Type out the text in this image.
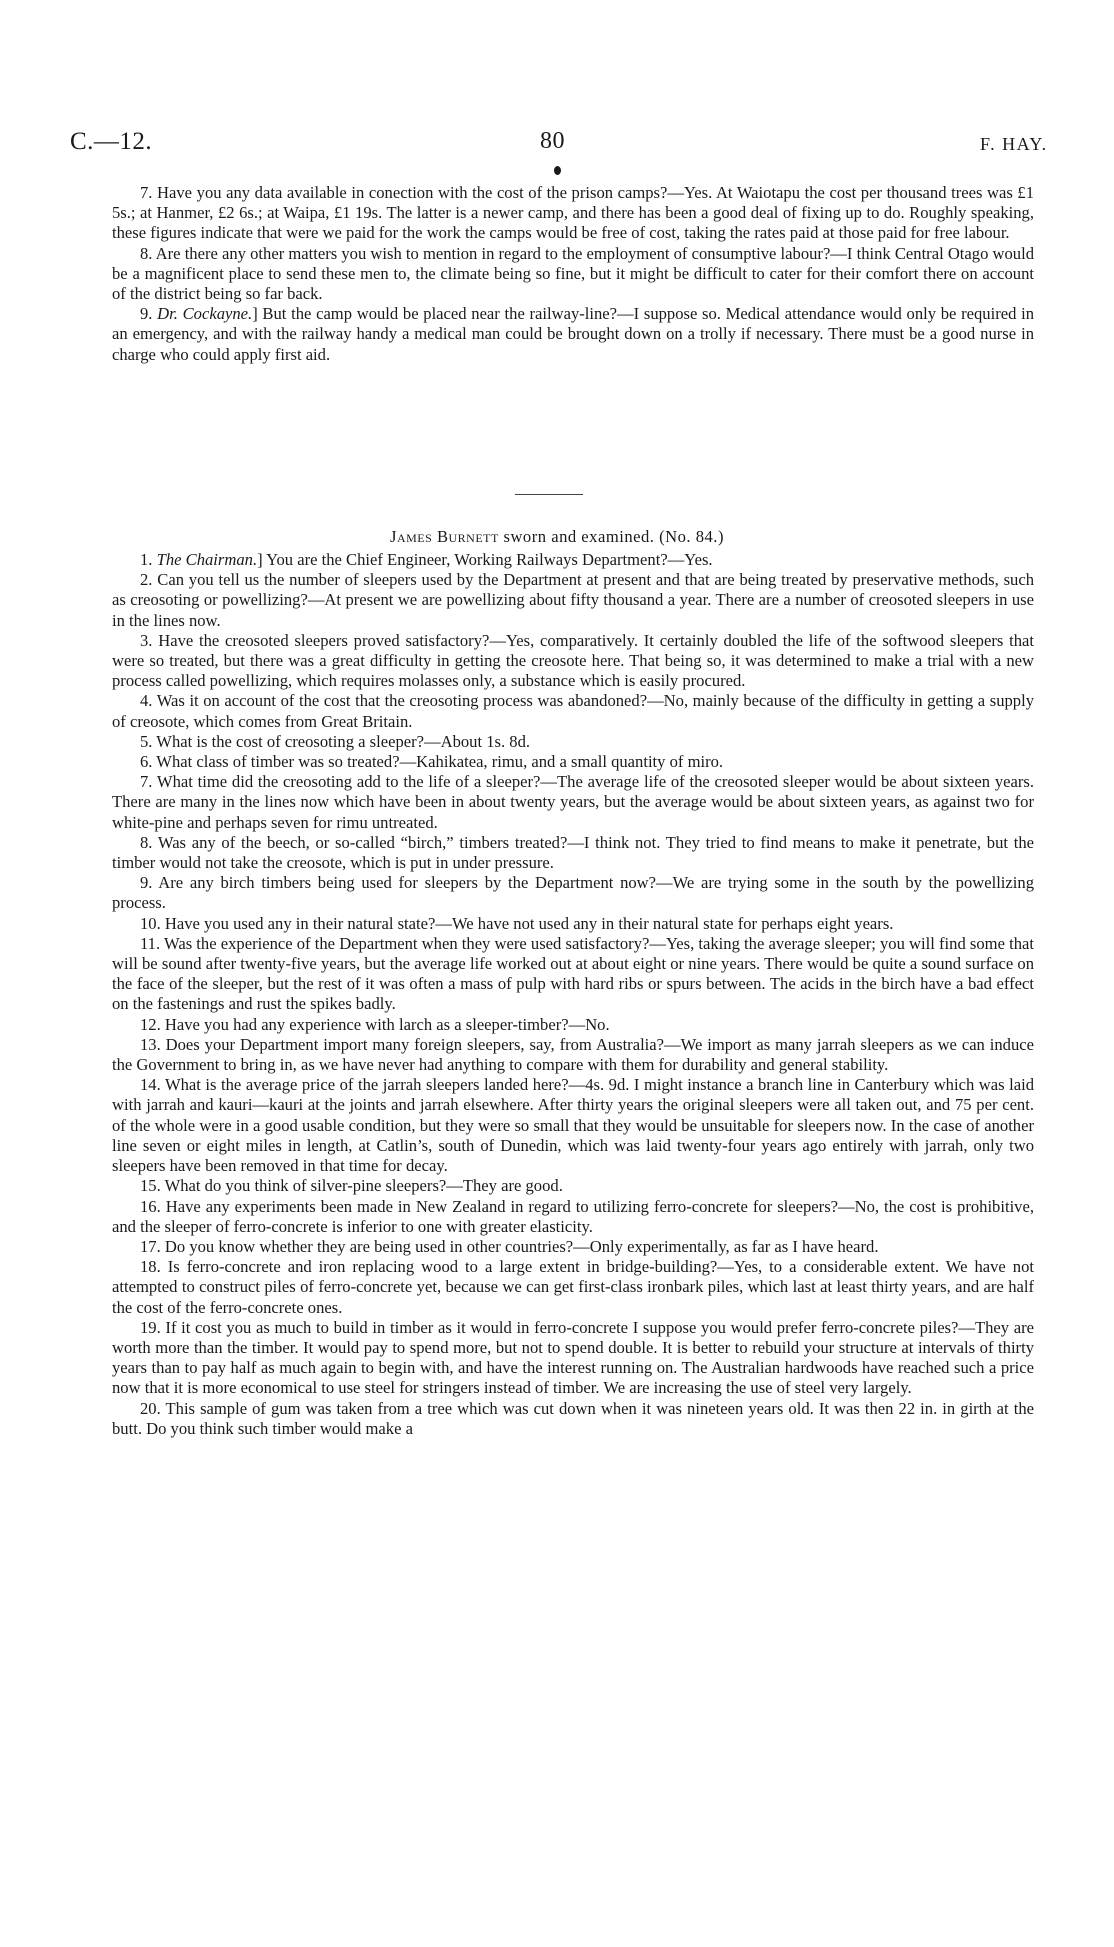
C.—12.	80	F. HAY.

7. Have you any data available in conection with the cost of the prison camps?—Yes. At Waiotapu the cost per thousand trees was £1 5s.; at Hanmer, £2 6s.; at Waipa, £1 19s. The latter is a newer camp, and there has been a good deal of fixing up to do. Roughly speaking, these figures indicate that were we paid for the work the camps would be free of cost, taking the rates paid at those paid for free labour.

8. Are there any other matters you wish to mention in regard to the employment of consumptive labour?—I think Central Otago would be a magnificent place to send these men to, the climate being so fine, but it might be difficult to cater for their comfort there on account of the district being so far back.

9. Dr. Cockayne.] But the camp would be placed near the railway-line?—I suppose so. Medical attendance would only be required in an emergency, and with the railway handy a medical man could be brought down on a trolly if necessary. There must be a good nurse in charge who could apply first aid.

James Burnett sworn and examined. (No. 84.)

1. The Chairman.] You are the Chief Engineer, Working Railways Department?—Yes.

2. Can you tell us the number of sleepers used by the Department at present and that are being treated by preservative methods, such as creosoting or powellizing?—At present we are powellizing about fifty thousand a year. There are a number of creosoted sleepers in use in the lines now.

3. Have the creosoted sleepers proved satisfactory?—Yes, comparatively. It certainly doubled the life of the softwood sleepers that were so treated, but there was a great difficulty in getting the creosote here. That being so, it was determined to make a trial with a new process called powellizing, which requires molasses only, a substance which is easily procured.

4. Was it on account of the cost that the creosoting process was abandoned?—No, mainly because of the difficulty in getting a supply of creosote, which comes from Great Britain.

5. What is the cost of creosoting a sleeper?—About 1s. 8d.

6. What class of timber was so treated?—Kahikatea, rimu, and a small quantity of miro.

7. What time did the creosoting add to the life of a sleeper?—The average life of the creosoted sleeper would be about sixteen years. There are many in the lines now which have been in about twenty years, but the average would be about sixteen years, as against two for white-pine and perhaps seven for rimu untreated.

8. Was any of the beech, or so-called “birch,” timbers treated?—I think not. They tried to find means to make it penetrate, but the timber would not take the creosote, which is put in under pressure.

9. Are any birch timbers being used for sleepers by the Department now?—We are trying some in the south by the powellizing process.

10. Have you used any in their natural state?—We have not used any in their natural state for perhaps eight years.

11. Was the experience of the Department when they were used satisfactory?—Yes, taking the average sleeper; you will find some that will be sound after twenty-five years, but the average life worked out at about eight or nine years. There would be quite a sound surface on the face of the sleeper, but the rest of it was often a mass of pulp with hard ribs or spurs between. The acids in the birch have a bad effect on the fastenings and rust the spikes badly.

12. Have you had any experience with larch as a sleeper-timber?—No.

13. Does your Department import many foreign sleepers, say, from Australia?—We import as many jarrah sleepers as we can induce the Government to bring in, as we have never had anything to compare with them for durability and general stability.

14. What is the average price of the jarrah sleepers landed here?—4s. 9d. I might instance a branch line in Canterbury which was laid with jarrah and kauri—kauri at the joints and jarrah elsewhere. After thirty years the original sleepers were all taken out, and 75 per cent. of the whole were in a good usable condition, but they were so small that they would be unsuitable for sleepers now. In the case of another line seven or eight miles in length, at Catlin’s, south of Dunedin, which was laid twenty-four years ago entirely with jarrah, only two sleepers have been removed in that time for decay.

15. What do you think of silver-pine sleepers?—They are good.

16. Have any experiments been made in New Zealand in regard to utilizing ferro-concrete for sleepers?—No, the cost is prohibitive, and the sleeper of ferro-concrete is inferior to one with greater elasticity.

17. Do you know whether they are being used in other countries?—Only experimentally, as far as I have heard.

18. Is ferro-concrete and iron replacing wood to a large extent in bridge-building?—Yes, to a considerable extent. We have not attempted to construct piles of ferro-concrete yet, because we can get first-class ironbark piles, which last at least thirty years, and are half the cost of the ferro-concrete ones.

19. If it cost you as much to build in timber as it would in ferro-concrete I suppose you would prefer ferro-concrete piles?—They are worth more than the timber. It would pay to spend more, but not to spend double. It is better to rebuild your structure at intervals of thirty years than to pay half as much again to begin with, and have the interest running on. The Australian hardwoods have reached such a price now that it is more economical to use steel for stringers instead of timber. We are increasing the use of steel very largely.

20. This sample of gum was taken from a tree which was cut down when it was nineteen years old. It was then 22 in. in girth at the butt. Do you think such timber would make a
